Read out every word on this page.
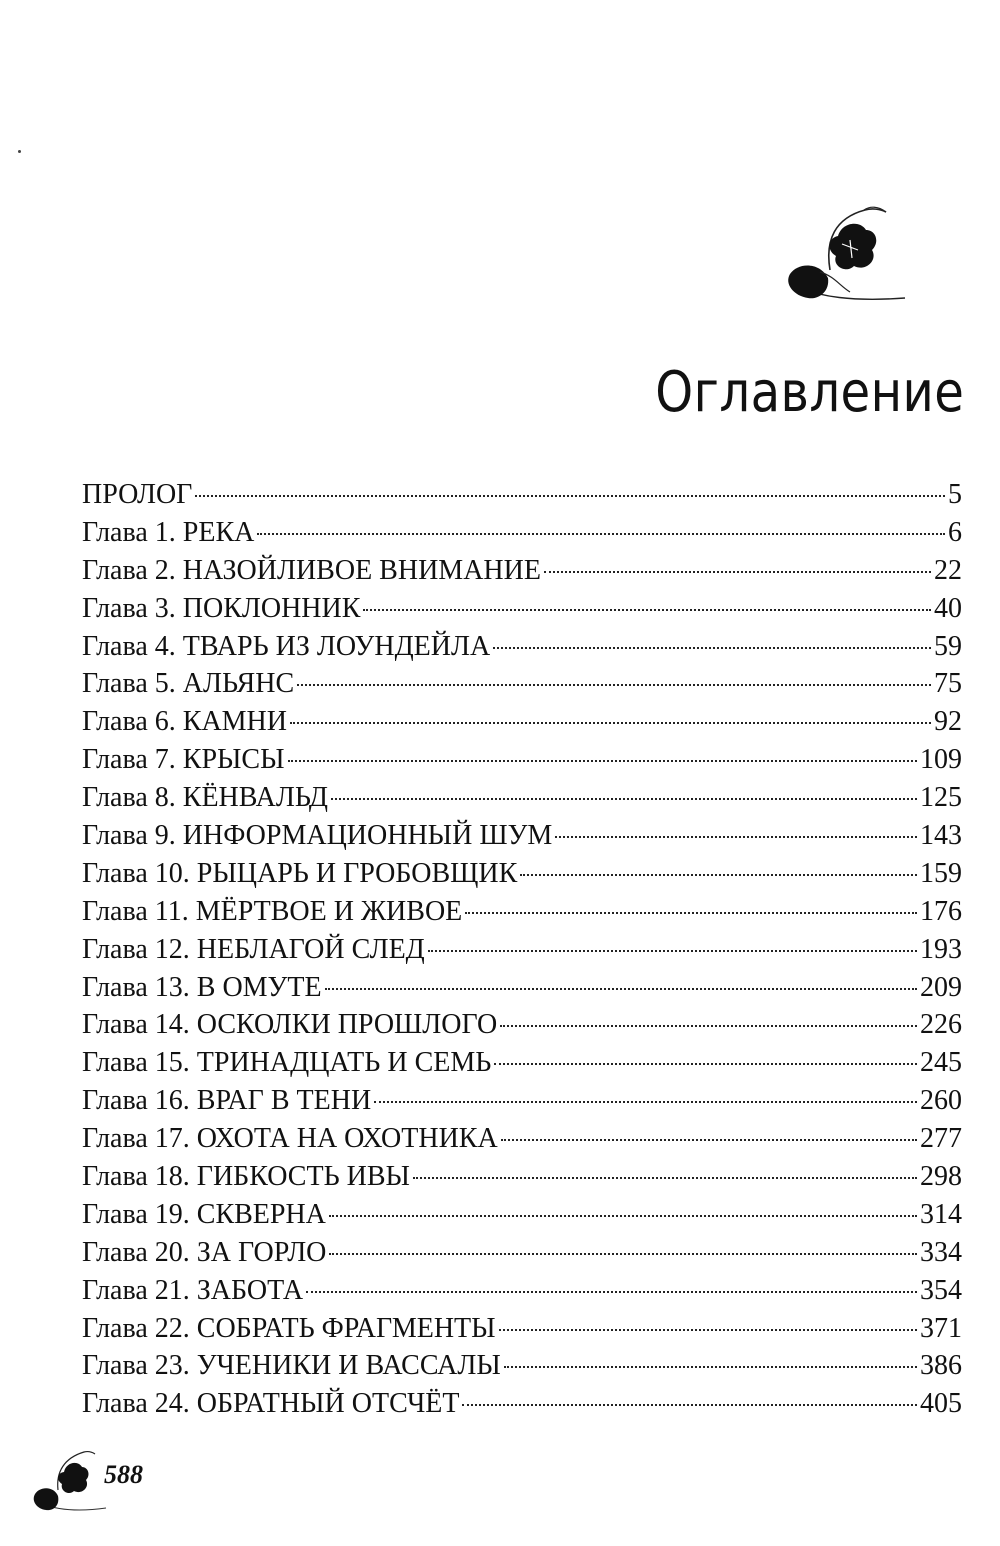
Оглавление
ПРОЛОГ	5
Глава 1. РЕКА	6
Глава 2. НАЗОЙЛИВОЕ ВНИМАНИЕ	22
Глава 3. ПОКЛОННИК	40
Глава 4. ТВАРЬ ИЗ ЛОУНДЕЙЛА	59
Глава 5. АЛЬЯНС	75
Глава 6. КАМНИ	92
Глава 7. КРЫСЫ	109
Глава 8. КЁНВАЛЬД	125
Глава 9. ИНФОРМАЦИОННЫЙ ШУМ	143
Глава 10. РЫЦАРЬ И ГРОБОВЩИК	159
Глава 11. МЁРТВОЕ И ЖИВОЕ	176
Глава 12. НЕБЛАГОЙ СЛЕД	193
Глава 13. В ОМУТЕ	209
Глава 14. ОСКОЛКИ ПРОШЛОГО	226
Глава 15. ТРИНАДЦАТЬ И СЕМЬ	245
Глава 16. ВРАГ В ТЕНИ	260
Глава 17. ОХОТА НА ОХОТНИКА	277
Глава 18. ГИБКОСТЬ ИВЫ	298
Глава 19. СКВЕРНА	314
Глава 20. ЗА ГОРЛО	334
Глава 21. ЗАБОТА	354
Глава 22. СОБРАТЬ ФРАГМЕНТЫ	371
Глава 23. УЧЕНИКИ И ВАССАЛЫ	386
Глава 24. ОБРАТНЫЙ ОТСЧЁТ	405
588
